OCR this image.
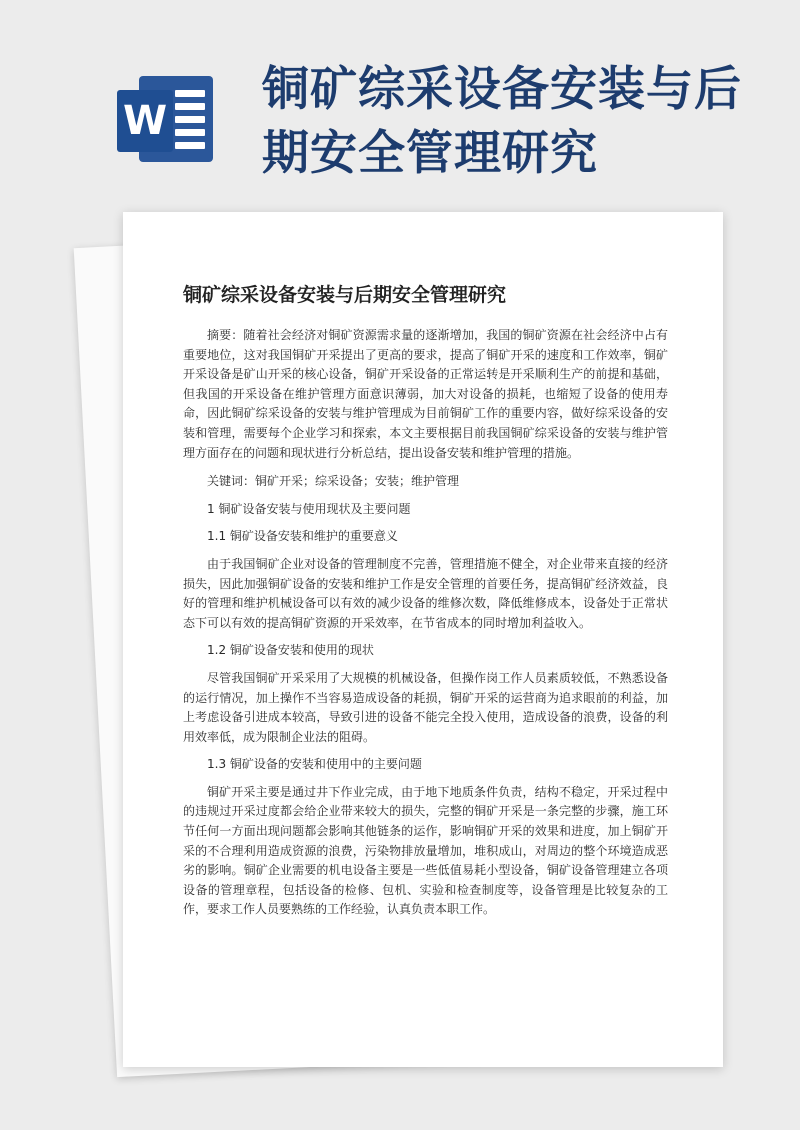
W
铜矿综采设备安装与后期安全管理研究
铜矿综采设备安装与后期安全管理研究

摘要：随着社会经济对铜矿资源需求量的逐渐增加，我国的铜矿资源在社会经济中占有重要地位，这对我国铜矿开采提出了更高的要求，提高了铜矿开采的速度和工作效率，铜矿开采设备是矿山开采的核心设备，铜矿开采设备的正常运转是开采顺利生产的前提和基础，但我国的开采设备在维护管理方面意识薄弱，加大对设备的损耗，也缩短了设备的使用寿命，因此铜矿综采设备的安装与维护管理成为目前铜矿工作的重要内容，做好综采设备的安装和管理，需要每个企业学习和探索，本文主要根据目前我国铜矿综采设备的安装与维护管理方面存在的问题和现状进行分析总结，提出设备安装和维护管理的措施。

关键词：铜矿开采；综采设备；安装；维护管理

1 铜矿设备安装与使用现状及主要问题
1.1 铜矿设备安装和维护的重要意义

由于我国铜矿企业对设备的管理制度不完善，管理措施不健全，对企业带来直接的经济损失，因此加强铜矿设备的安装和维护工作是安全管理的首要任务，提高铜矿经济效益，良好的管理和维护机械设备可以有效的减少设备的维修次数，降低维修成本，设备处于正常状态下可以有效的提高铜矿资源的开采效率，在节省成本的同时增加利益收入。

1.2 铜矿设备安装和使用的现状

尽管我国铜矿开采采用了大规模的机械设备，但操作岗工作人员素质较低，不熟悉设备的运行情况，加上操作不当容易造成设备的耗损，铜矿开采的运营商为追求眼前的利益，加上考虑设备引进成本较高，导致引进的设备不能完全投入使用，造成设备的浪费，设备的利用效率低，成为限制企业法的阻碍。

1.3 铜矿设备的安装和使用中的主要问题

铜矿开采主要是通过井下作业完成，由于地下地质条件负责，结构不稳定，开采过程中的违规过开采过度都会给企业带来较大的损失，完整的铜矿开采是一条完整的步骤，施工环节任何一方面出现问题都会影响其他链条的运作，影响铜矿开采的效果和进度，加上铜矿开采的不合理利用造成资源的浪费，污染物排放量增加，堆积成山，对周边的整个环境造成恶劣的影响。铜矿企业需要的机电设备主要是一些低值易耗小型设备，铜矿设备管理建立各项设备的管理章程，包括设备的检修、包机、实验和检查制度等，设备管理是比较复杂的工作，要求工作人员要熟练的工作经验，认真负责本职工作。
